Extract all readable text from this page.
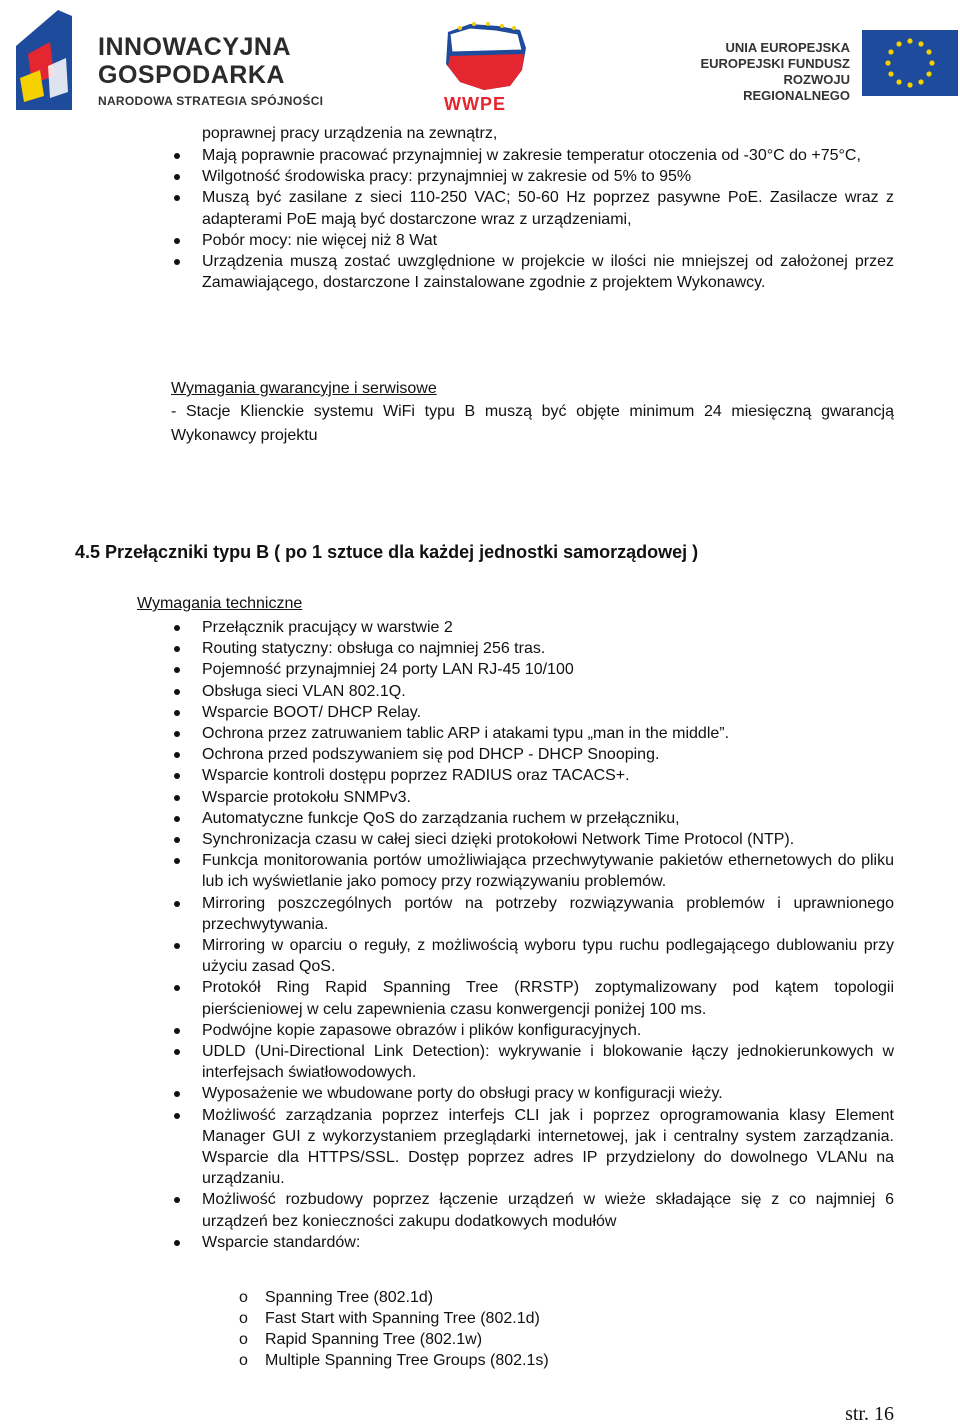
INNOWACYJNA
GOSPODARKA
NARODOWA STRATEGIA SPÓJNOŚCI	WWPE
UNIA EUROPEJSKA
EUROPEJSKI FUNDUSZ
ROZWOJU REGIONALNEGO
poprawnej pracy urządzenia na zewnątrz,
Mają poprawnie pracować przynajmniej w zakresie temperatur otoczenia od -30°C do +75°C,
Wilgotność środowiska pracy: przynajmniej w zakresie od 5% to 95%
Muszą być zasilane z sieci 110-250 VAC; 50-60 Hz poprzez pasywne PoE. Zasilacze wraz z adapterami PoE mają być dostarczone wraz z urządzeniami,
Pobór mocy: nie więcej niż 8 Wat
Urządzenia muszą zostać uwzględnione w projekcie w ilości nie mniejszej od założonej przez Zamawiającego, dostarczone I zainstalowane zgodnie z projektem Wykonawcy.
Wymagania gwarancyjne i serwisowe
- Stacje Klienckie systemu WiFi typu B muszą być objęte minimum 24 miesięczną gwarancją Wykonawcy projektu
4.5 Przełączniki typu B ( po 1 sztuce dla każdej jednostki samorządowej )
Wymagania techniczne
Przełącznik pracujący w warstwie 2
Routing statyczny: obsługa co najmniej 256 tras.
Pojemność przynajmniej 24 porty LAN RJ-45 10/100
Obsługa sieci VLAN 802.1Q.
Wsparcie BOOT/ DHCP Relay.
Ochrona przez zatruwaniem tablic ARP i atakami typu „man in the middle”.
Ochrona przed podszywaniem się pod DHCP - DHCP Snooping.
Wsparcie kontroli dostępu poprzez RADIUS oraz TACACS+.
Wsparcie protokołu SNMPv3.
Automatyczne funkcje QoS do zarządzania ruchem w przełączniku,
Synchronizacja czasu w całej sieci dzięki protokołowi Network Time Protocol (NTP).
Funkcja monitorowania portów umożliwiająca przechwytywanie pakietów ethernetowych do pliku lub ich wyświetlanie jako pomocy przy rozwiązywaniu problemów.
Mirroring poszczególnych portów na potrzeby rozwiązywania problemów i uprawnionego przechwytywania.
Mirroring w oparciu o reguły, z możliwością wyboru typu ruchu podlegającego dublowaniu przy użyciu zasad QoS.
Protokół Ring Rapid Spanning Tree (RRSTP) zoptymalizowany pod kątem topologii pierścieniowej w celu zapewnienia czasu konwergencji poniżej 100 ms.
Podwójne kopie zapasowe obrazów i plików konfiguracyjnych.
UDLD (Uni-Directional Link Detection): wykrywanie i blokowanie łączy jednokierunkowych w interfejsach światłowodowych.
Wyposażenie we wbudowane porty do obsługi pracy w konfiguracji wieży.
Możliwość zarządzania poprzez interfejs CLI jak i poprzez oprogramowania klasy Element Manager GUI z wykorzystaniem przeglądarki internetowej, jak i centralny system zarządzania. Wsparcie dla HTTPS/SSL. Dostęp poprzez adres IP przydzielony do dowolnego VLANu na urządzaniu.
Możliwość rozbudowy poprzez łączenie urządzeń w wieże składające się z co najmniej 6 urządzeń bez konieczności zakupu dodatkowych modułów
Wsparcie standardów:
o Spanning Tree (802.1d)
o Fast Start with Spanning Tree (802.1d)
o Rapid Spanning Tree (802.1w)
o Multiple Spanning Tree Groups (802.1s)
str. 16
